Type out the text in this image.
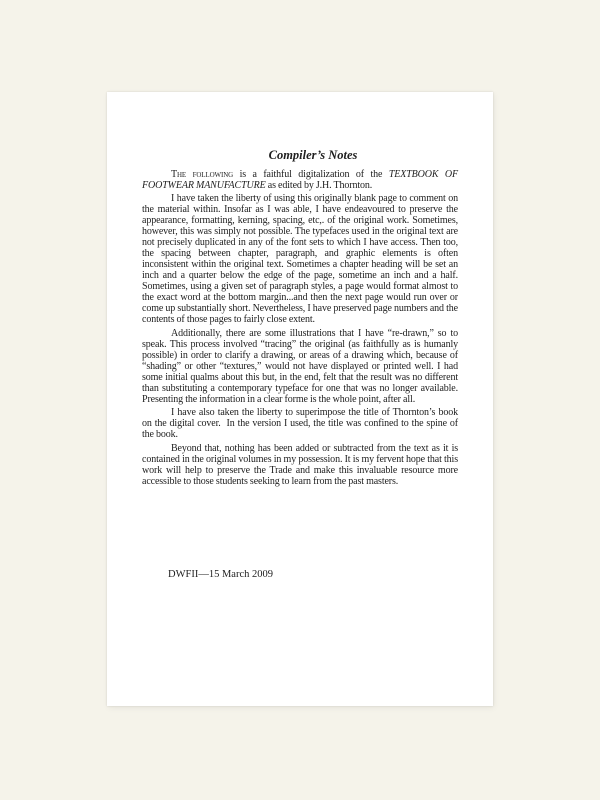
Compiler’s Notes

The following is a faithful digitalization of the TEXTBOOK OF FOOTWEAR MANUFACTURE as edited by J.H. Thornton.

I have taken the liberty of using this originally blank page to comment on the material within. Insofar as I was able, I have endeavoured to preserve the appearance, formatting, kerning, spacing, etc,. of the original work. Sometimes, however, this was simply not possible. The typefaces used in the original text are not precisely duplicated in any of the font sets to which I have access. Then too, the spacing between chapter, paragraph, and graphic elements is often inconsistent within the original text. Sometimes a chapter heading will be set an inch and a quarter below the edge of the page, sometime an inch and a half. Sometimes, using a given set of paragraph styles, a page would format almost to the exact word at the bottom margin...and then the next page would run over or come up substantially short. Nevertheless, I have preserved page numbers and the contents of those pages to fairly close extent.

Additionally, there are some illustrations that I have “re-drawn,” so to speak. This process involved “tracing” the original (as faithfully as is humanly possible) in order to clarify a drawing, or areas of a drawing which, because of “shading” or other “textures,” would not have displayed or printed well. I had some initial qualms about this but, in the end, felt that the result was no different than substituting a contemporary typeface for one that was no longer available. Presenting the information in a clear forme is the whole point, after all.

I have also taken the liberty to superimpose the title of Thornton’s book on the digital cover.  In the version I used, the title was confined to the spine of the book.

Beyond that, nothing has been added or subtracted from the text as it is contained in the original volumes in my possession. It is my fervent hope that this work will help to preserve the Trade and make this invaluable resource more accessible to those students seeking to learn from the past masters.

DWFII—15 March 2009
